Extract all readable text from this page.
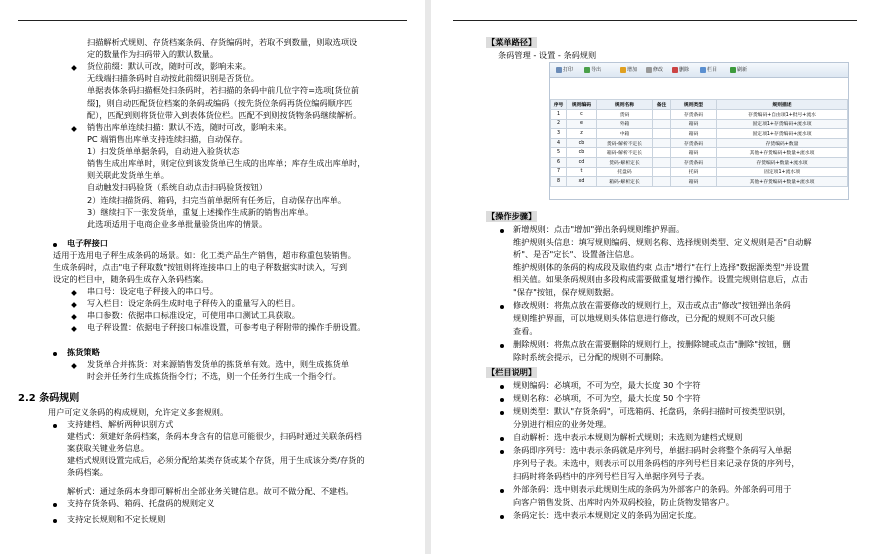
扫描解析式规则、存货档案条码、存货编码时，若取不到数量，则取选项设
定的数量作为扫码带入的默认数量。
货位前缀：默认可改，随时可改，影响未来。
无线端扫描条码时自动按此前缀识别是否货位。
单据表体条码扫描框处扫条码时，若扫描的条码中前几位字符=选项[货位前
缀]，则自动匹配货位档案的条码或编码（按先货位条码再货位编码顺序匹
配），匹配到则将货位带入到表体货位栏。匹配不到则按货物条码继续解析。
销售出库单连续扫描：默认不选，随时可改，影响未来。
PC 端销售出库单支持连续扫描，自动保存。
1）扫发货单单据条码，自动进入验货状态
销售生成出库单时，则定位到该发货单已生成的出库单；库存生成出库单时，
则关联此发货单生单。
自动触发扫码验货（系统自动点击扫码验货按钮）
2）连续扫描货码、箱码，扫完当前单据所有任务后，自动保存出库单。
3）继续扫下一张发货单，重复上述操作生成新的销售出库单。
此选项适用于电商企业多单批量验货出库的情景。
电子秤接口
适用于选用电子秤生成条码的场景。如：化工类产品生产销售，超市称重包装销售。
生成条码时，点击"电子秤取数"按钮则将连接串口上的电子秤数据实时读入，写到
设定的栏目中，随条码生成存入条码档案。
串口号：设定电子秤接入的串口号。
写入栏目：设定条码生成时电子秤传入的重量写入的栏目。
串口参数：依据串口标准设定，可使用串口测试工具获取。
电子秤设置：依据电子秤接口标准设置，可参考电子秤附带的操作手册设置。
拣货策略
发货单合并拣货：对来源销售发货单的拣货单有效。选中，则生成拣货单
时会并任务行生成拣货指令行；不选，则一个任务行生成一个指令行。
2.2 条码规则
用户可定义条码的构成规则，允许定义多套规则。
支持建档、解析两种识别方式
建档式：须建好条码档案，条码本身含有的信息可能很少，扫码时通过关联条码档
案获取关键业务信息。
建档式规则设置完成后，必须分配给某类存货或某个存货，用于生成该分类/存货的
条码档案。
解析式：通过条码本身即可解析出全部业务关键信息。故可不做分配、不建档。
支持存货条码、箱码、托盘码的规则定义
支持定长规则和不定长规则
【菜单路径】
条码管理 - 设置 - 条码规则
打印	导出	增加	修改	删除	栏目	刷新
序号	规则编码	规则名称	备注	规则类型	规则描述
1	c	货码		存货条码	存货编码+自由项1+批号+流水
2	e	外箱		箱码	固定项1+存货编码+流水项
3	z	中箱		箱码	固定项1+存货编码+流水项
4	cb	货码-解析不定长		存货条码	存货编码+数量
5	cb	箱码-解析不定长		箱码	其他+存货编码+数量+流水项
6	cd	货码-解析定长		存货条码	存货编码+数量+流水项
7	t	托盘码		托码	固定项1+流水项
8	xd	箱码-解析定长		箱码	其他+存货编码+数量+流水项
【操作步骤】
新增规则：点击"增加"弹出条码规则维护界面。
维护规则头信息：填写规则编码、规则名称、选择规则类型、定义规则是否"自动解
析"、是否"定长"、设置备注信息。
维护规则体的条码的构成段及取值约束 点击"增行"在行上选择"数据源类型"并设置
相关值。如果条码规则由多段构成需要做重复增行操作。设置完规则信息后，点击
"保存"按钮，保存规则数据。
修改规则：将焦点放在需要修改的规则行上，双击或点击"修改"按钮弹出条码
规则维护界面，可以地规则头体信息进行修改，已分配的规则不可改只能
查看。
删除规则：将焦点放在需要删除的规则行上，按删除键或点击"删除"按钮，删
除时系统会提示，已分配的规则不可删除。
【栏目说明】
规则编码：必填项，不可为空，最大长度 30 个字符
规则名称：必填项，不可为空，最大长度 50 个字符
规则类型：默认"存货条码"，可选箱码、托盘码，条码扫描时可按类型识别，
分别进行相应的业务处理。
自动解析：选中表示本规则为解析式规则；未选则为建档式规则
条码即序列号：选中表示条码就是序列号，单据扫码时会将整个条码写入单据
序列号子表。未选中，则表示可以用条码档的序列号栏目来记录存货的序列号，
扫码时将条码档中的序列号栏目写入单据序列号子表。
外部条码：选中则表示此规则生成的条码为外部客户的条码。外部条码可用于
向客户销售发货、出库时内外双码校验，防止货物发错客户。
条码定长：选中表示本规则定义的条码为固定长度。
